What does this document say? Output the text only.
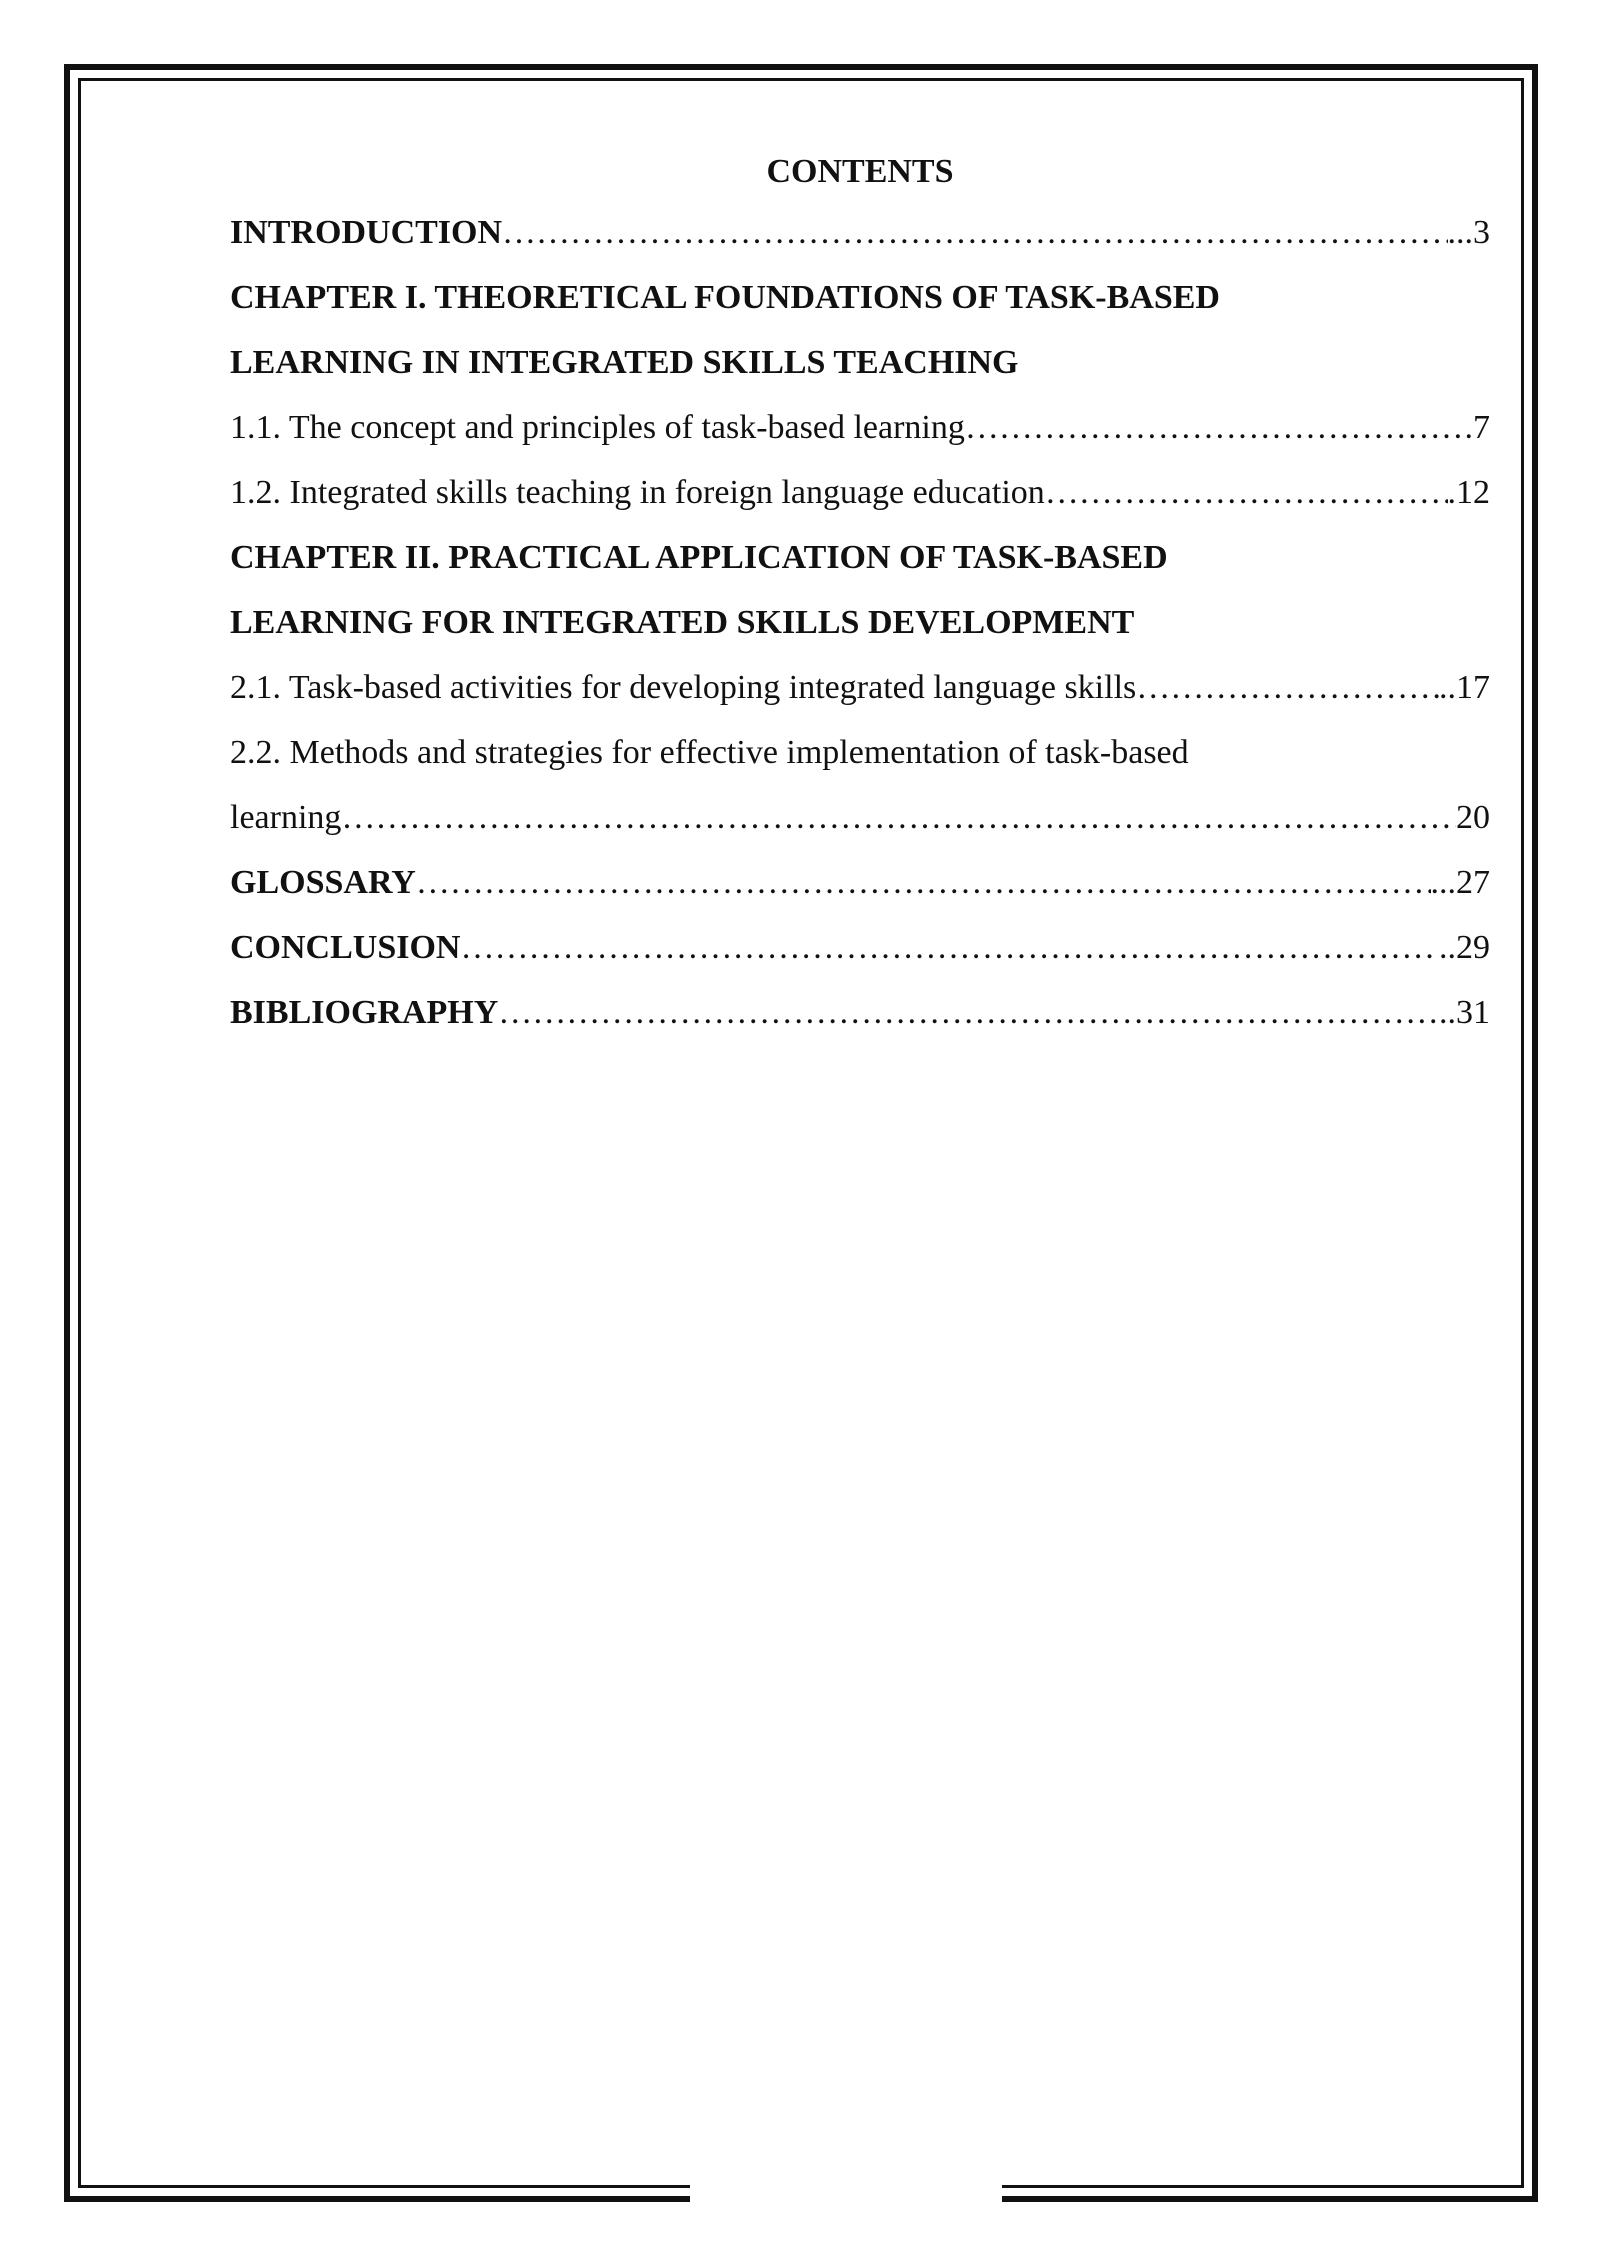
CONTENTS
INTRODUCTION …………………………………………………………………………………………………………………………………………………………………	...3
CHAPTER I. THEORETICAL FOUNDATIONS OF TASK-BASED
LEARNING IN INTEGRATED SKILLS TEACHING
1.1. The concept and principles of task-based learning …………………………………………………………………………………………………………………………………………………………………	.7
1.2. Integrated skills teaching in foreign language education …………………………………………………………………………………………………………………………………………………………………	.12
CHAPTER II. PRACTICAL APPLICATION OF TASK-BASED
LEARNING FOR INTEGRATED SKILLS DEVELOPMENT
2.1. Task-based activities for developing integrated language skills …………………………………………………………………………………………………………………………………………………………………	..17
2.2. Methods and strategies for effective implementation of task-based
learning …………………………………………………………………………………………………………………………………………………………………	20
GLOSSARY …………………………………………………………………………………………………………………………………………………………………	...27
CONCLUSION …………………………………………………………………………………………………………………………………………………………………	..29
BIBLIOGRAPHY …………………………………………………………………………………………………………………………………………………………………	..31
